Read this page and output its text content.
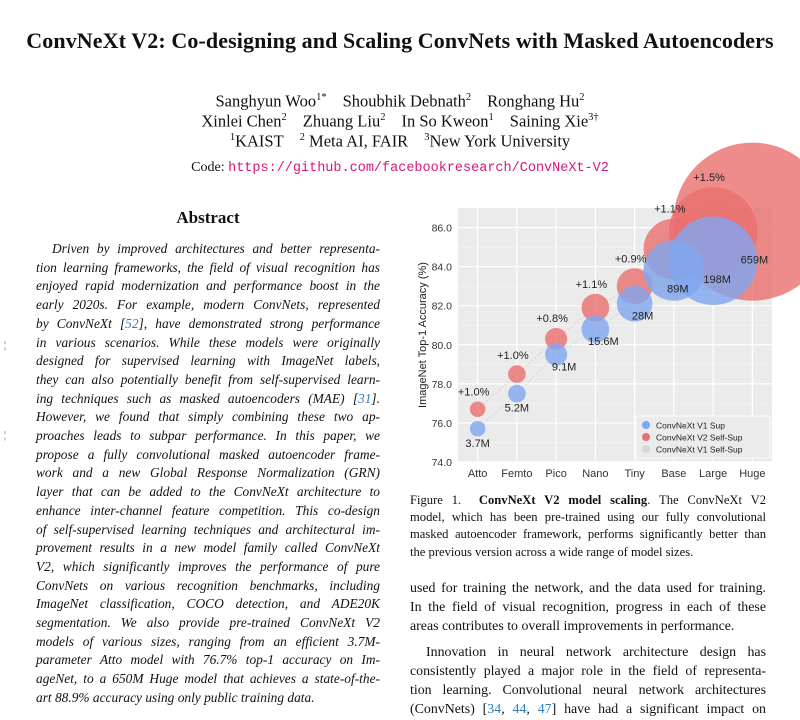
ConvNeXt V2: Co-designing and Scaling ConvNets with Masked Autoencoders
Sanghyun Woo$^{1*}$ Shoubhik Debnath$^2$ Ronghang Hu$^2$
Xinlei Chen$^2$ Zhuang Liu$^2$ In So Kweon$^1$ Saining Xie$^{3\dagger}$
$^1$KAIST $^2$ Meta AI, FAIR $^3$New York University
Code: https://github.com/facebookresearch/ConvNeXt-V2
Abstract
Driven by improved architectures and better representa-
tion learning frameworks, the field of visual recognition has
enjoyed rapid modernization and performance boost in the
early 2020s. For example, modern ConvNets, represented
by ConvNeXt [52], have demonstrated strong performance
in various scenarios. While these models were originally
designed for supervised learning with ImageNet labels,
they can also potentially benefit from self-supervised learn-
ing techniques such as masked autoencoders (MAE) [31].
However, we found that simply combining these two ap-
proaches leads to subpar performance. In this paper, we
propose a fully convolutional masked autoencoder frame-
work and a new Global Response Normalization (GRN)
layer that can be added to the ConvNeXt architecture to
enhance inter-channel feature competition. This co-design
of self-supervised learning techniques and architectural im-
provement results in a new model family called ConvNeXt
V2, which significantly improves the performance of pure
ConvNets on various recognition benchmarks, including
ImageNet classification, COCO detection, and ADE20K
segmentation. We also provide pre-trained ConvNeXt V2
models of various sizes, ranging from an efficient 3.7M-
parameter Atto model with 76.7% top-1 accuracy on Im-
ageNet, to a 650M Huge model that achieves a state-of-the-
art 88.9% accuracy using only public training data.
¦
¦
74.0
76.0
78.0
80.0
82.0
84.0
86.0
Atto Femto Pico Nano Tiny Base Large Huge
ImageNet Top-1 Accuracy (%)
3.7M
5.2M
9.1M
15.6M
28M
89M
198M
659M
+1.0%
+1.0%
+0.8%
+1.1%
+0.9%
+1.1%
+1.5%
ConvNeXt V1 Sup
ConvNeXt V2 Self-Sup
ConvNeXt V1 Self-Sup
Figure 1. ConvNeXt V2 model scaling. The ConvNeXt V2
model, which has been pre-trained using our fully convolutional
masked autoencoder framework, performs significantly better than
the previous version across a wide range of model sizes.
used for training the network, and the data used for training.
In the field of visual recognition, progress in each of these
areas contributes to overall improvements in performance.
Innovation in neural network architecture design has
consistently played a major role in the field of representa-
tion learning. Convolutional neural network architectures
(ConvNets) [34, 44, 47] have had a significant impact on
